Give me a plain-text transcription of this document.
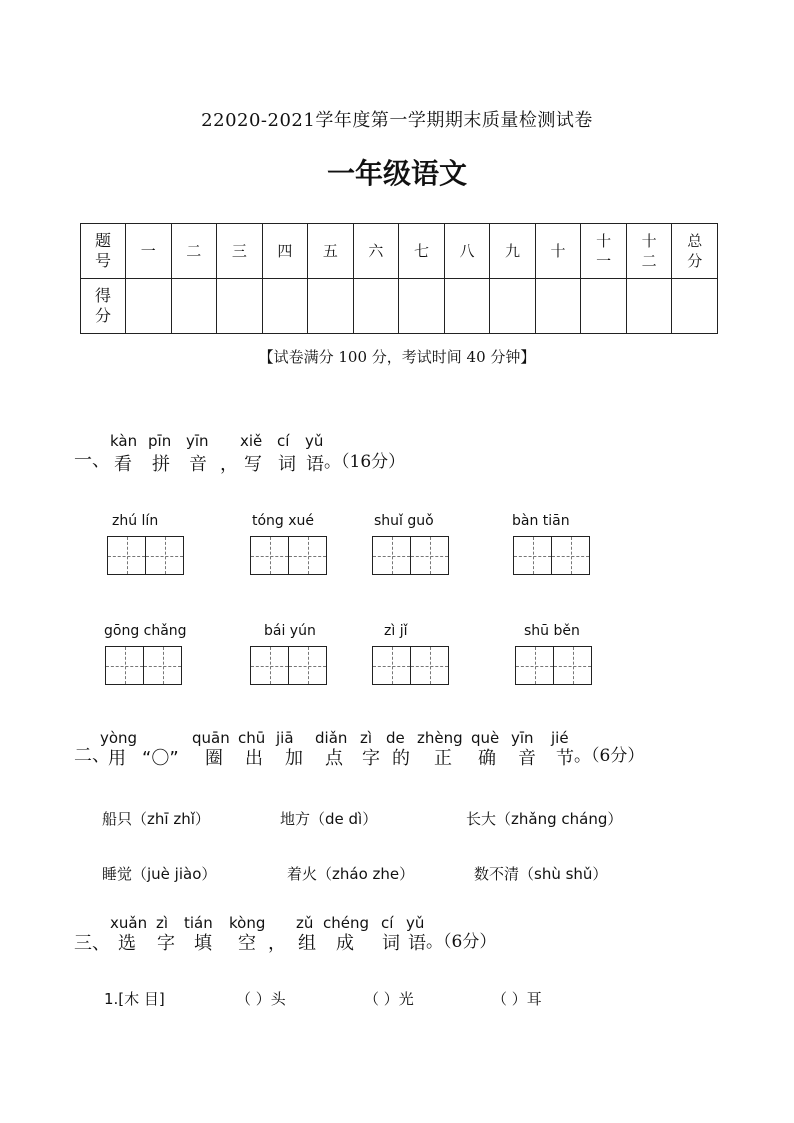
22020-2021学年度第一学期期末质量检测试卷
一年级语文
题号	一	二	三	四	五	六	七	八	九	十	十一	十二	总分
得分													
【试卷满分 100 分，考试时间 40 分钟】
一、
kàn pīn yīn xiě cí yǔ
看 拼 音 ， 写 词 语 。（16分）
zhú lín	tóng xué	shuǐ guǒ	bàn tiān
gōng chǎng	bái yún	zì jǐ	shū běn
二、
yòng	quān chū jiā diǎn zì de zhèng què yīn jié
用 “〇” 圈 出 加 点 字 的 正 确 音 节 。（6分）
船只（zhī zhǐ）	地方（de dì）	长大（zhǎng cháng）
睡觉（juè jiào）	着火（zháo zhe）	数不清（shù shǔ）
三、
xuǎn zì tián kòng zǔ chéng cí yǔ
选 字 填 空 ， 组 成 词 语 。（6分）
1.[木 目]	（ ）头	（ ）光	（ ）耳
